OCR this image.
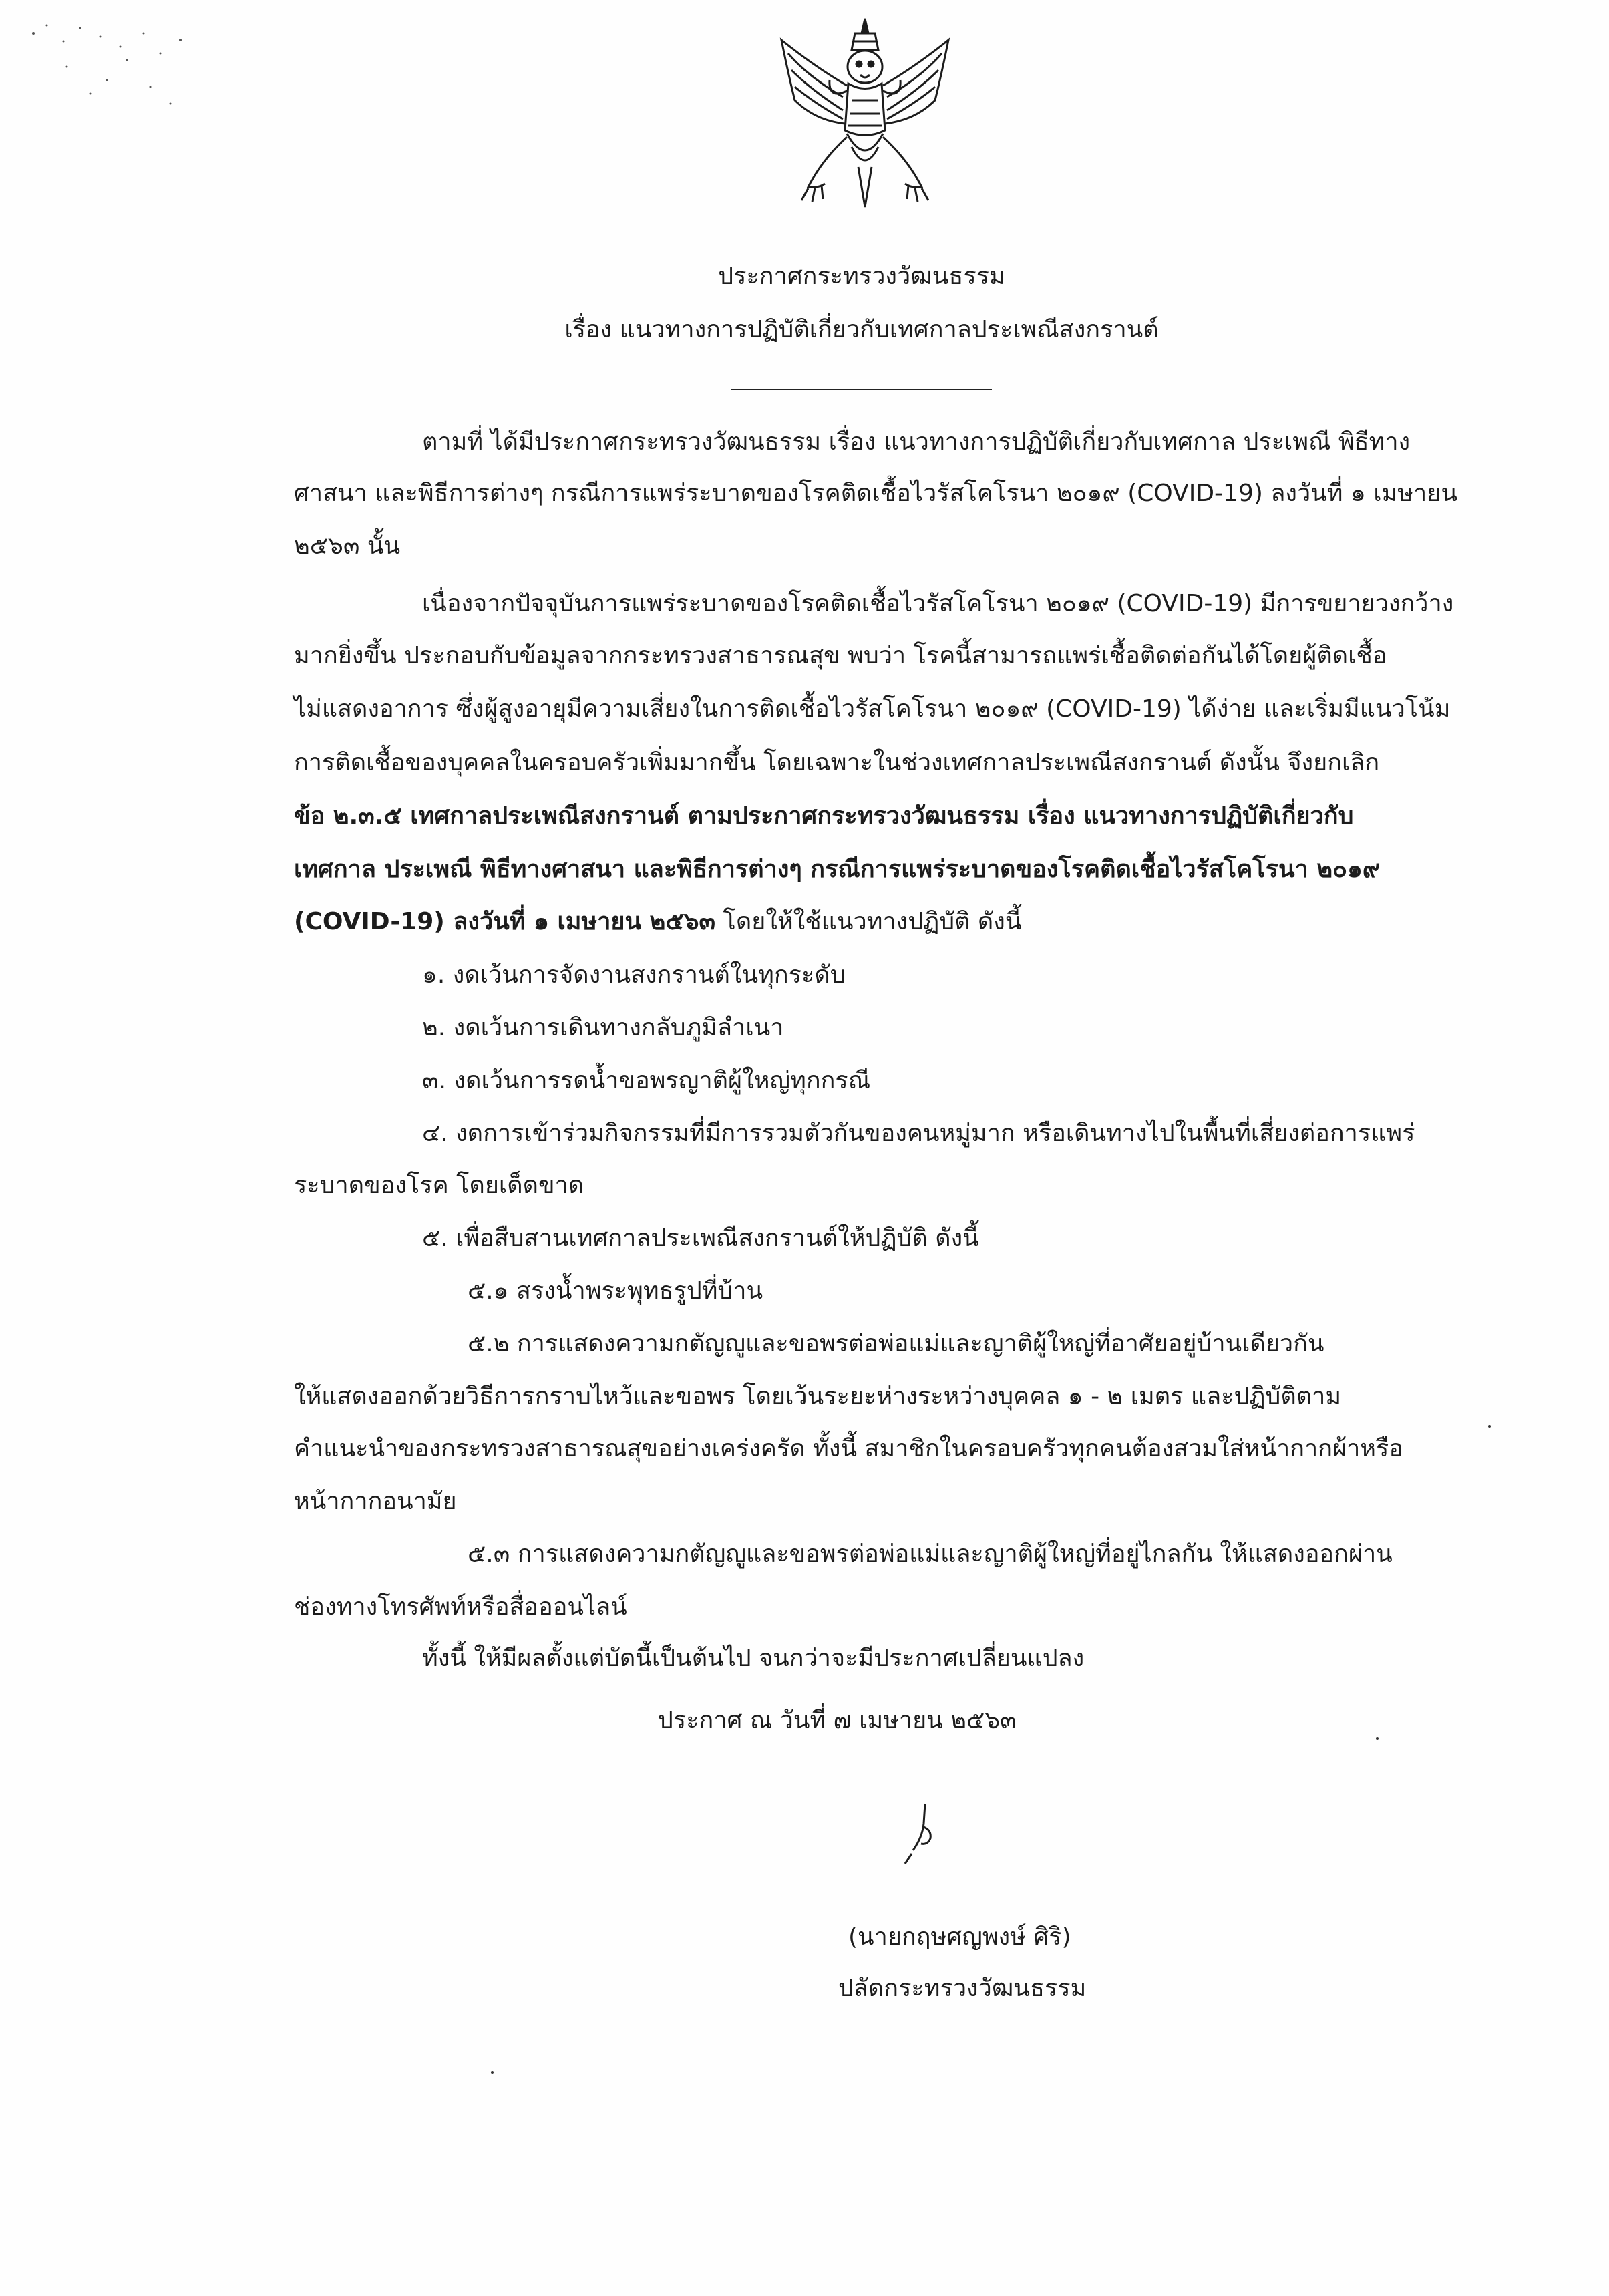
ประกาศกระทรวงวัฒนธรรม
เรื่อง แนวทางการปฏิบัติเกี่ยวกับเทศกาลประเพณีสงกรานต์
ตามที่ ได้มีประกาศกระทรวงวัฒนธรรม เรื่อง แนวทางการปฏิบัติเกี่ยวกับเทศกาล ประเพณี พิธีทาง
ศาสนา และพิธีการต่างๆ กรณีการแพร่ระบาดของโรคติดเชื้อไวรัสโคโรนา ๒๐๑๙ (COVID-19) ลงวันที่ ๑ เมษายน
๒๕๖๓ นั้น
เนื่องจากปัจจุบันการแพร่ระบาดของโรคติดเชื้อไวรัสโคโรนา ๒๐๑๙ (COVID-19) มีการขยายวงกว้าง
มากยิ่งขึ้น ประกอบกับข้อมูลจากกระทรวงสาธารณสุข พบว่า โรคนี้สามารถแพร่เชื้อติดต่อกันได้โดยผู้ติดเชื้อ
ไม่แสดงอาการ ซึ่งผู้สูงอายุมีความเสี่ยงในการติดเชื้อไวรัสโคโรนา ๒๐๑๙ (COVID-19) ได้ง่าย และเริ่มมีแนวโน้ม
การติดเชื้อของบุคคลในครอบครัวเพิ่มมากขึ้น โดยเฉพาะในช่วงเทศกาลประเพณีสงกรานต์ ดังนั้น จึงยกเลิก
ข้อ ๒.๓.๕ เทศกาลประเพณีสงกรานต์ ตามประกาศกระทรวงวัฒนธรรม เรื่อง แนวทางการปฏิบัติเกี่ยวกับ
เทศกาล ประเพณี พิธีทางศาสนา และพิธีการต่างๆ กรณีการแพร่ระบาดของโรคติดเชื้อไวรัสโคโรนา ๒๐๑๙
(COVID-19) ลงวันที่ ๑ เมษายน ๒๕๖๓ โดยให้ใช้แนวทางปฏิบัติ ดังนี้
๑. งดเว้นการจัดงานสงกรานต์ในทุกระดับ
๒. งดเว้นการเดินทางกลับภูมิลำเนา
๓. งดเว้นการรดน้ำขอพรญาติผู้ใหญ่ทุกกรณี
๔. งดการเข้าร่วมกิจกรรมที่มีการรวมตัวกันของคนหมู่มาก หรือเดินทางไปในพื้นที่เสี่ยงต่อการแพร่
ระบาดของโรค โดยเด็ดขาด
๕. เพื่อสืบสานเทศกาลประเพณีสงกรานต์ให้ปฏิบัติ ดังนี้
๕.๑ สรงน้ำพระพุทธรูปที่บ้าน
๕.๒ การแสดงความกตัญญูและขอพรต่อพ่อแม่และญาติผู้ใหญ่ที่อาศัยอยู่บ้านเดียวกัน
ให้แสดงออกด้วยวิธีการกราบไหว้และขอพร โดยเว้นระยะห่างระหว่างบุคคล ๑ - ๒ เมตร และปฏิบัติตาม
คำแนะนำของกระทรวงสาธารณสุขอย่างเคร่งครัด ทั้งนี้ สมาชิกในครอบครัวทุกคนต้องสวมใส่หน้ากากผ้าหรือ
หน้ากากอนามัย
๕.๓ การแสดงความกตัญญูและขอพรต่อพ่อแม่และญาติผู้ใหญ่ที่อยู่ไกลกัน ให้แสดงออกผ่าน
ช่องทางโทรศัพท์หรือสื่อออนไลน์
ทั้งนี้ ให้มีผลตั้งแต่บัดนี้เป็นต้นไป จนกว่าจะมีประกาศเปลี่ยนแปลง
ประกาศ ณ วันที่ ๗ เมษายน ๒๕๖๓
(นายกฤษศญพงษ์ ศิริ)
ปลัดกระทรวงวัฒนธรรม
